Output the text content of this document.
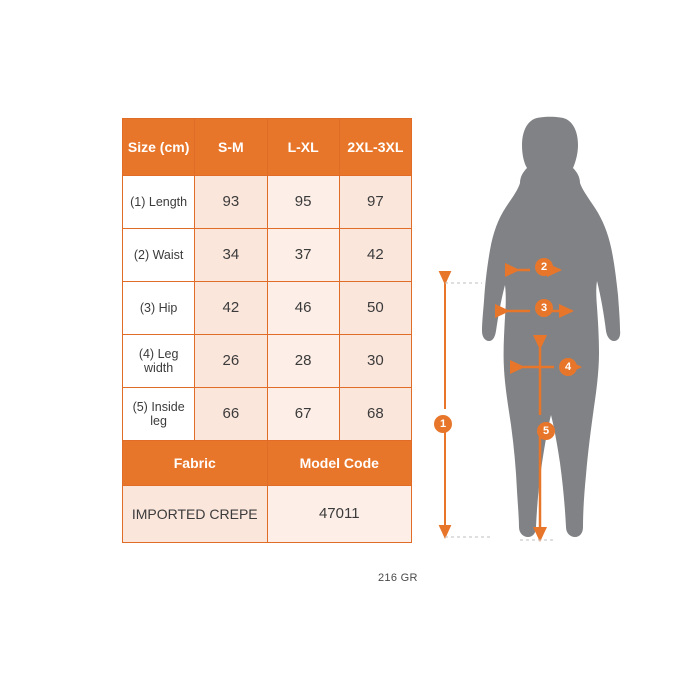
Size (cm)	S-M	L-XL	2XL-3XL
(1) Length	93	95	97
(2) Waist	34	37	42
(3) Hip	42	46	50
(4) Leg width	26	28	30
(5) Inside leg	66	67	68
Fabric		Model Code	
IMPORTED CREPE		47011	
216 GR
1
2
3
4
5
